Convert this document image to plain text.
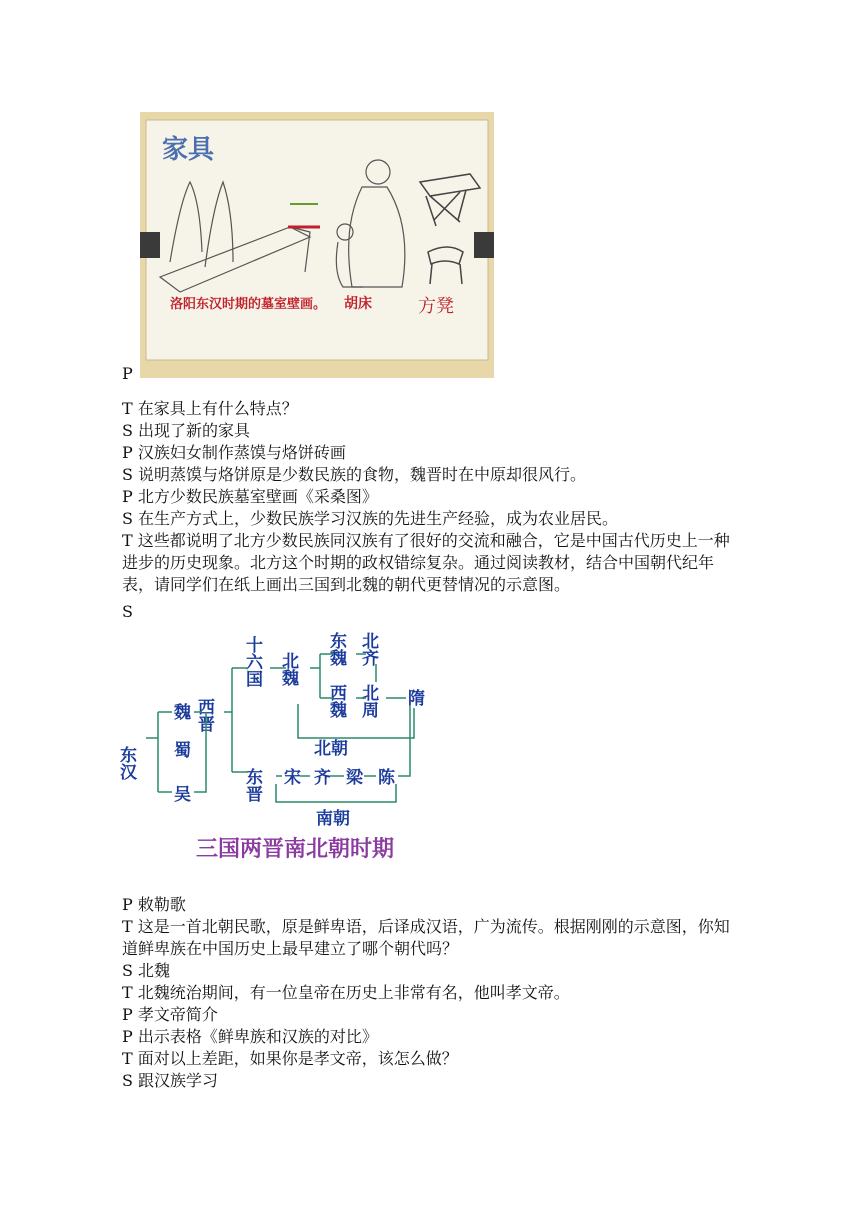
家具
洛阳东汉时期的墓室壁画。 胡床	方凳
P
T 在家具上有什么特点？
S 出现了新的家具
P 汉族妇女制作蒸馍与烙饼砖画
S 说明蒸馍与烙饼原是少数民族的食物，魏晋时在中原却很风行。
P 北方少数民族墓室壁画《采桑图》
S 在生产方式上，少数民族学习汉族的先进生产经验，成为农业居民。
T 这些都说明了北方少数民族同汉族有了很好的交流和融合，它是中国古代历史上一种进步的历史现象。北方这个时期的政权错综复杂。通过阅读教材，结合中国朝代纪年表，请同学们在纸上画出三国到北魏的朝代更替情况的示意图。
S
东汉
魏
蜀
吴
西晋
十六国 北魏
东魏 北齐
西魏 北周 隋
北朝
东晋 宋 齐 梁 陈
南朝
三国两晋南北朝时期
P 敕勒歌
T 这是一首北朝民歌，原是鲜卑语，后译成汉语，广为流传。根据刚刚的示意图，你知道鲜卑族在中国历史上最早建立了哪个朝代吗？
S 北魏
T 北魏统治期间，有一位皇帝在历史上非常有名，他叫孝文帝。
P 孝文帝简介
P 出示表格《鲜卑族和汉族的对比》
T 面对以上差距，如果你是孝文帝，该怎么做？
S 跟汉族学习
